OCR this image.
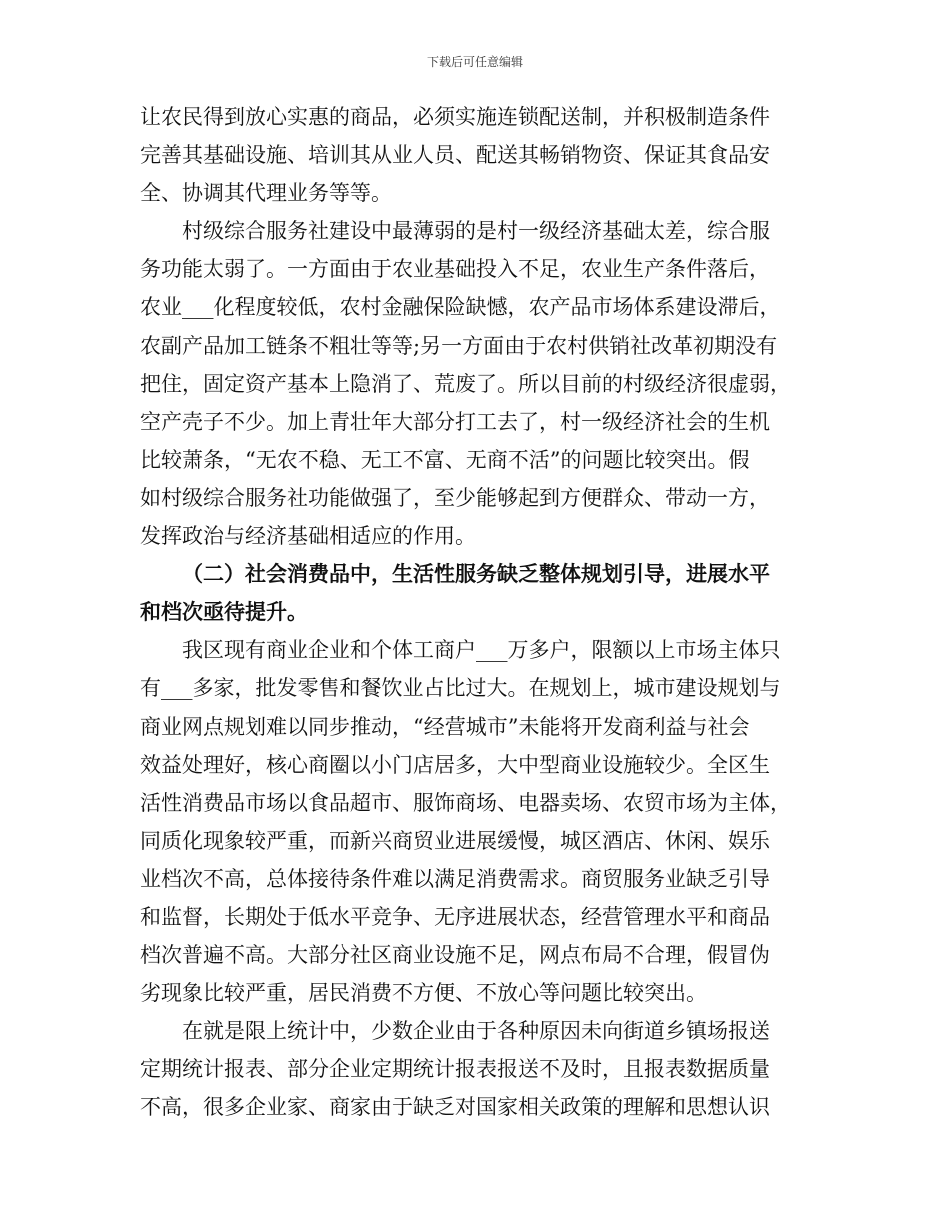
下载后可任意编辑
让农民得到放心实惠的商品，必须实施连锁配送制，并积极制造条件
完善其基础设施、培训其从业人员、配送其畅销物资、保证其食品安
全、协调其代理业务等等。
村级综合服务社建设中最薄弱的是村一级经济基础太差，综合服
务功能太弱了。一方面由于农业基础投入不足，农业生产条件落后，
农业___化程度较低，农村金融保险缺憾，农产品市场体系建设滞后，
农副产品加工链条不粗壮等等;另一方面由于农村供销社改革初期没有
把住，固定资产基本上隐消了、荒废了。所以目前的村级经济很虚弱，
空产壳子不少。加上青壮年大部分打工去了，村一级经济社会的生机
比较萧条，“无农不稳、无工不富、无商不活”的问题比较突出。假
如村级综合服务社功能做强了，至少能够起到方便群众、带动一方，
发挥政治与经济基础相适应的作用。
（二）社会消费品中，生活性服务缺乏整体规划引导，进展水平
和档次亟待提升。
我区现有商业企业和个体工商户___万多户，限额以上市场主体只
有___多家，批发零售和餐饮业占比过大。在规划上，城市建设规划与
商业网点规划难以同步推动，“经营城市”未能将开发商利益与社会
效益处理好，核心商圈以小门店居多，大中型商业设施较少。全区生
活性消费品市场以食品超市、服饰商场、电器卖场、农贸市场为主体，
同质化现象较严重，而新兴商贸业进展缓慢，城区酒店、休闲、娱乐
业档次不高，总体接待条件难以满足消费需求。商贸服务业缺乏引导
和监督，长期处于低水平竞争、无序进展状态，经营管理水平和商品
档次普遍不高。大部分社区商业设施不足，网点布局不合理，假冒伪
劣现象比较严重，居民消费不方便、不放心等问题比较突出。
在就是限上统计中，少数企业由于各种原因未向街道乡镇场报送
定期统计报表、部分企业定期统计报表报送不及时，且报表数据质量
不高，很多企业家、商家由于缺乏对国家相关政策的理解和思想认识
